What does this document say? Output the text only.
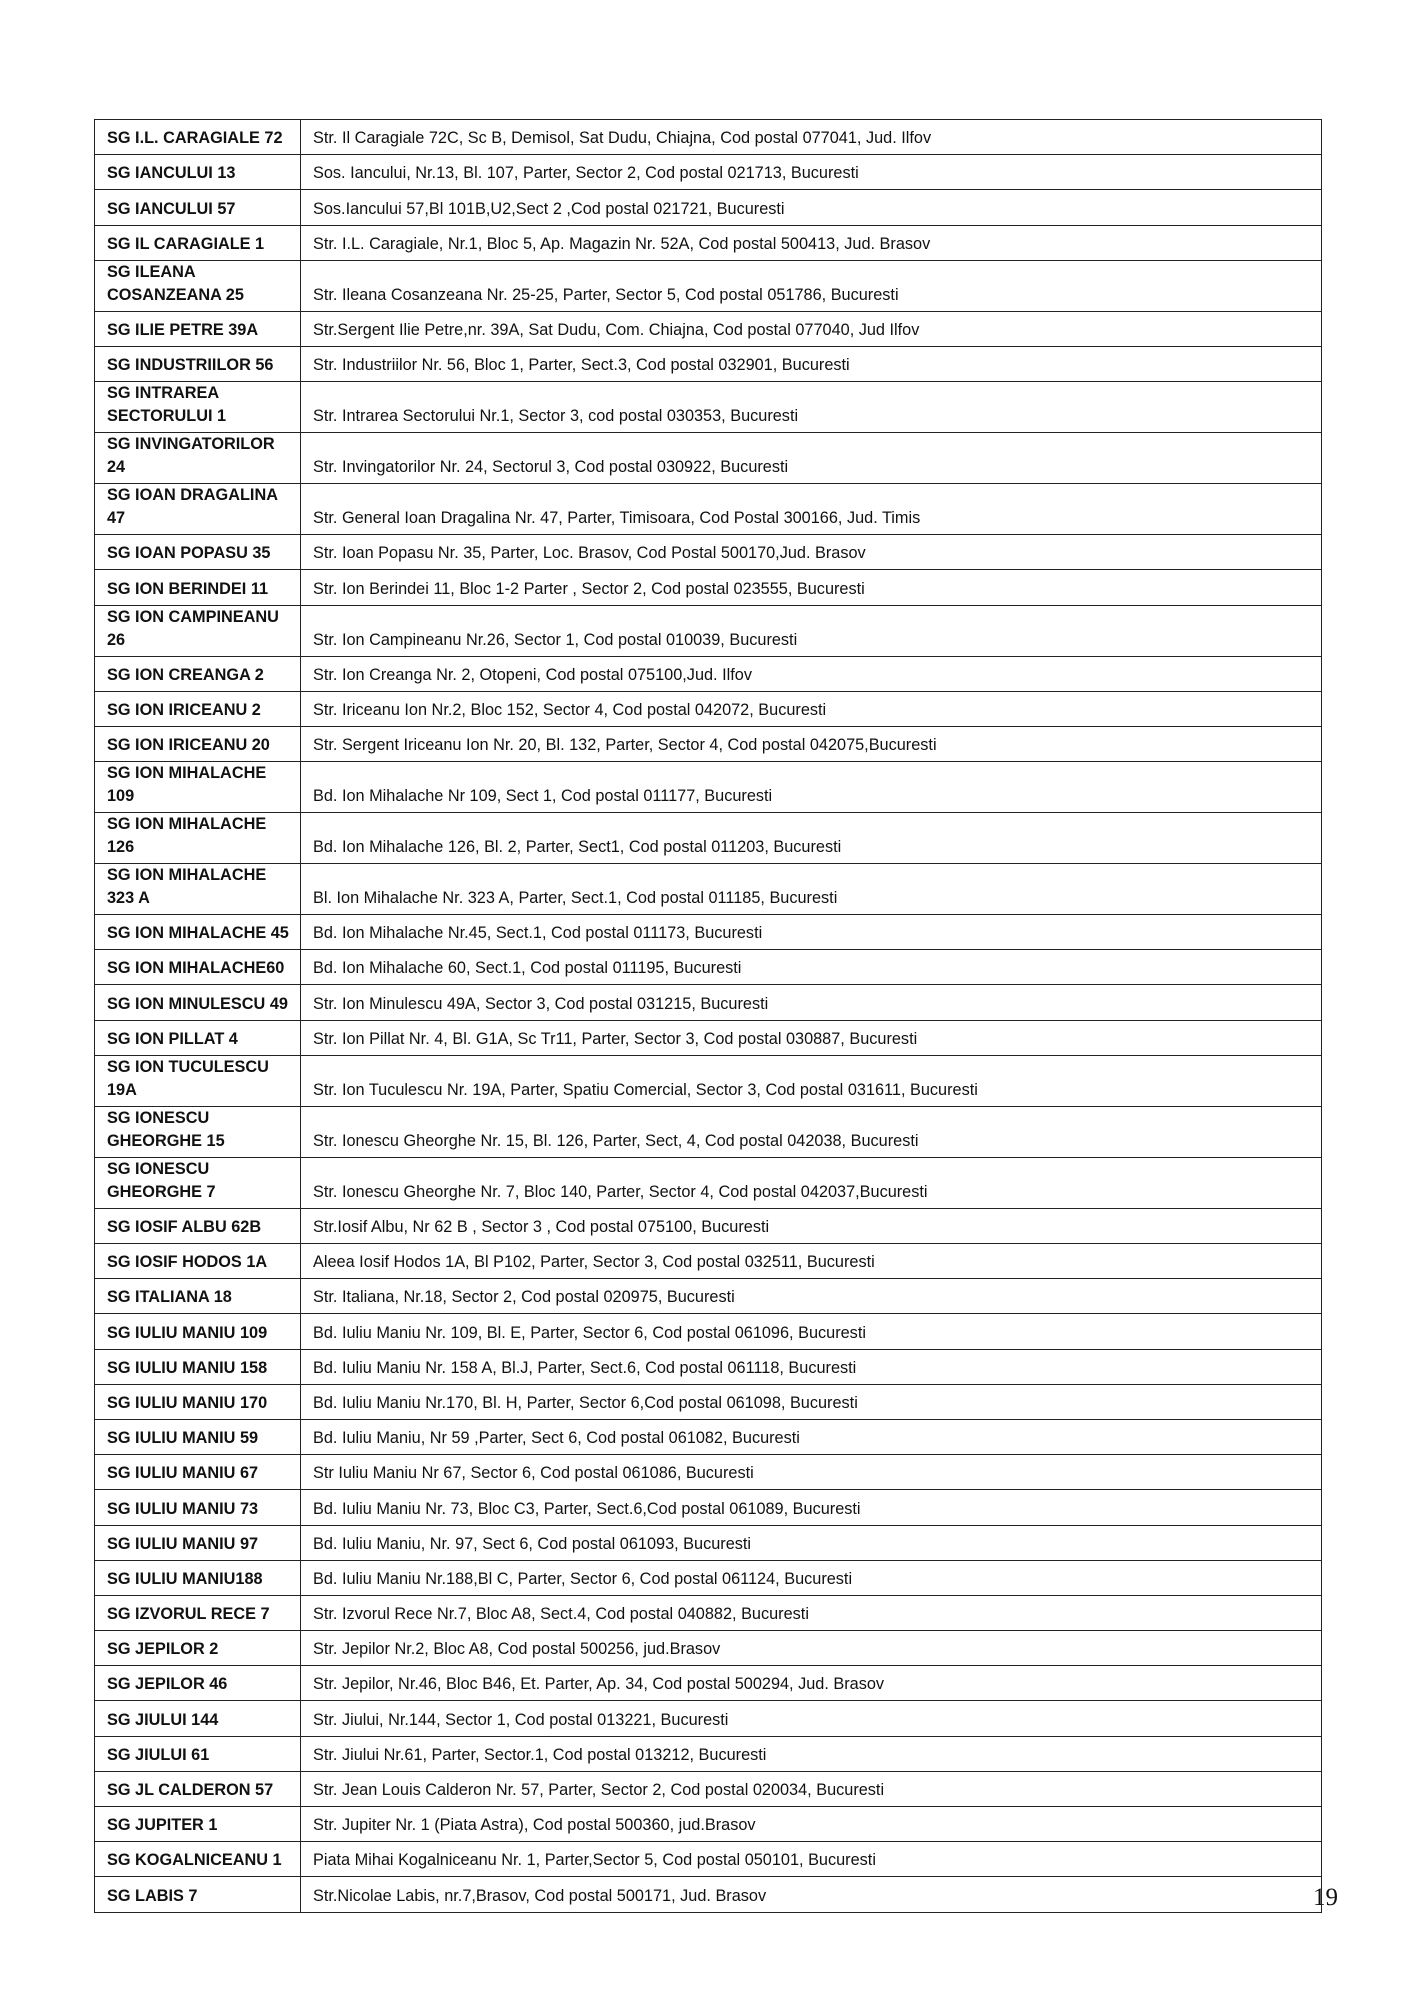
SG I.L. CARAGIALE 72	Str. Il Caragiale 72C, Sc B, Demisol, Sat Dudu, Chiajna, Cod postal 077041, Jud. Ilfov
SG IANCULUI 13	Sos. Iancului, Nr.13, Bl. 107, Parter, Sector 2, Cod postal 021713, Bucuresti
SG IANCULUI 57	Sos.Iancului 57,Bl 101B,U2,Sect 2 ,Cod postal 021721, Bucuresti
SG IL CARAGIALE 1	Str. I.L. Caragiale, Nr.1, Bloc 5, Ap. Magazin Nr. 52A, Cod postal 500413, Jud. Brasov
SG ILEANA COSANZEANA 25	Str. Ileana Cosanzeana Nr. 25-25, Parter, Sector 5, Cod postal 051786, Bucuresti
SG ILIE PETRE 39A	Str.Sergent Ilie Petre,nr. 39A, Sat Dudu, Com. Chiajna, Cod postal 077040, Jud Ilfov
SG INDUSTRIILOR 56	Str. Industriilor Nr. 56, Bloc 1, Parter, Sect.3, Cod postal 032901, Bucuresti
SG INTRAREA SECTORULUI 1	Str. Intrarea Sectorului Nr.1, Sector 3, cod postal 030353, Bucuresti
SG INVINGATORILOR 24	Str. Invingatorilor Nr. 24, Sectorul 3, Cod postal 030922, Bucuresti
SG IOAN DRAGALINA 47	Str. General Ioan Dragalina Nr. 47, Parter, Timisoara, Cod Postal 300166, Jud. Timis
SG IOAN POPASU 35	Str. Ioan Popasu Nr. 35, Parter, Loc. Brasov, Cod Postal 500170,Jud. Brasov
SG ION BERINDEI 11	Str. Ion Berindei 11, Bloc 1-2 Parter , Sector 2, Cod postal 023555, Bucuresti
SG ION CAMPINEANU 26	Str. Ion Campineanu Nr.26, Sector 1, Cod postal 010039, Bucuresti
SG ION CREANGA 2	Str. Ion Creanga Nr. 2, Otopeni, Cod postal 075100,Jud. Ilfov
SG ION IRICEANU 2	Str. Iriceanu Ion Nr.2, Bloc 152, Sector 4, Cod postal 042072, Bucuresti
SG ION IRICEANU 20	Str. Sergent Iriceanu Ion Nr. 20, Bl. 132, Parter, Sector 4, Cod postal 042075,Bucuresti
SG ION MIHALACHE 109	Bd. Ion Mihalache Nr 109, Sect 1, Cod postal 011177, Bucuresti
SG ION MIHALACHE 126	Bd. Ion Mihalache 126, Bl. 2, Parter, Sect1, Cod postal 011203, Bucuresti
SG ION MIHALACHE 323 A	Bl. Ion Mihalache Nr. 323 A, Parter, Sect.1, Cod postal 011185, Bucuresti
SG ION MIHALACHE 45	Bd. Ion Mihalache Nr.45, Sect.1, Cod postal 011173, Bucuresti
SG ION MIHALACHE60	Bd. Ion Mihalache 60, Sect.1, Cod postal 011195, Bucuresti
SG ION MINULESCU 49	Str. Ion Minulescu 49A, Sector 3, Cod postal 031215, Bucuresti
SG ION PILLAT 4	Str. Ion Pillat Nr. 4, Bl. G1A, Sc Tr11, Parter, Sector 3, Cod postal 030887, Bucuresti
SG ION TUCULESCU 19A	Str. Ion Tuculescu Nr. 19A, Parter, Spatiu Comercial, Sector 3, Cod postal 031611, Bucuresti
SG IONESCU GHEORGHE 15	Str. Ionescu Gheorghe Nr. 15, Bl. 126, Parter, Sect, 4, Cod postal 042038, Bucuresti
SG IONESCU GHEORGHE 7	Str. Ionescu Gheorghe Nr. 7, Bloc 140, Parter, Sector 4, Cod postal 042037,Bucuresti
SG IOSIF ALBU 62B	Str.Iosif Albu, Nr 62 B , Sector 3 , Cod postal 075100, Bucuresti
SG IOSIF HODOS 1A	Aleea Iosif Hodos 1A, Bl P102, Parter, Sector 3, Cod postal 032511, Bucuresti
SG ITALIANA 18	Str. Italiana, Nr.18, Sector 2, Cod postal 020975, Bucuresti
SG IULIU MANIU 109	Bd. Iuliu Maniu Nr. 109, Bl. E, Parter, Sector 6, Cod postal 061096, Bucuresti
SG IULIU MANIU 158	Bd. Iuliu Maniu Nr. 158 A, Bl.J, Parter, Sect.6, Cod postal 061118, Bucuresti
SG IULIU MANIU 170	Bd. Iuliu Maniu Nr.170, Bl. H, Parter, Sector 6,Cod postal 061098, Bucuresti
SG IULIU MANIU 59	Bd. Iuliu Maniu, Nr 59 ,Parter, Sect 6, Cod postal 061082, Bucuresti
SG IULIU MANIU 67	Str Iuliu Maniu Nr 67, Sector 6, Cod postal 061086, Bucuresti
SG IULIU MANIU 73	Bd. Iuliu Maniu Nr. 73, Bloc C3, Parter, Sect.6,Cod postal 061089, Bucuresti
SG IULIU MANIU 97	Bd. Iuliu Maniu, Nr. 97, Sect 6, Cod postal 061093, Bucuresti
SG IULIU MANIU188	Bd. Iuliu Maniu Nr.188,Bl C, Parter, Sector 6, Cod postal 061124, Bucuresti
SG IZVORUL RECE 7	Str. Izvorul Rece Nr.7, Bloc A8, Sect.4, Cod postal 040882, Bucuresti
SG JEPILOR 2	Str. Jepilor Nr.2, Bloc A8, Cod postal 500256, jud.Brasov
SG JEPILOR 46	Str. Jepilor, Nr.46, Bloc B46, Et. Parter, Ap. 34, Cod postal 500294, Jud. Brasov
SG JIULUI 144	Str. Jiului, Nr.144, Sector 1, Cod postal 013221, Bucuresti
SG JIULUI 61	Str. Jiului Nr.61, Parter, Sector.1, Cod postal 013212, Bucuresti
SG JL CALDERON 57	Str. Jean Louis Calderon Nr. 57, Parter, Sector 2, Cod postal 020034, Bucuresti
SG JUPITER 1	Str. Jupiter Nr. 1 (Piata Astra), Cod postal 500360, jud.Brasov
SG KOGALNICEANU 1	Piata Mihai Kogalniceanu Nr. 1, Parter,Sector 5, Cod postal 050101, Bucuresti
SG LABIS 7	Str.Nicolae Labis, nr.7,Brasov, Cod postal 500171, Jud. Brasov	19
